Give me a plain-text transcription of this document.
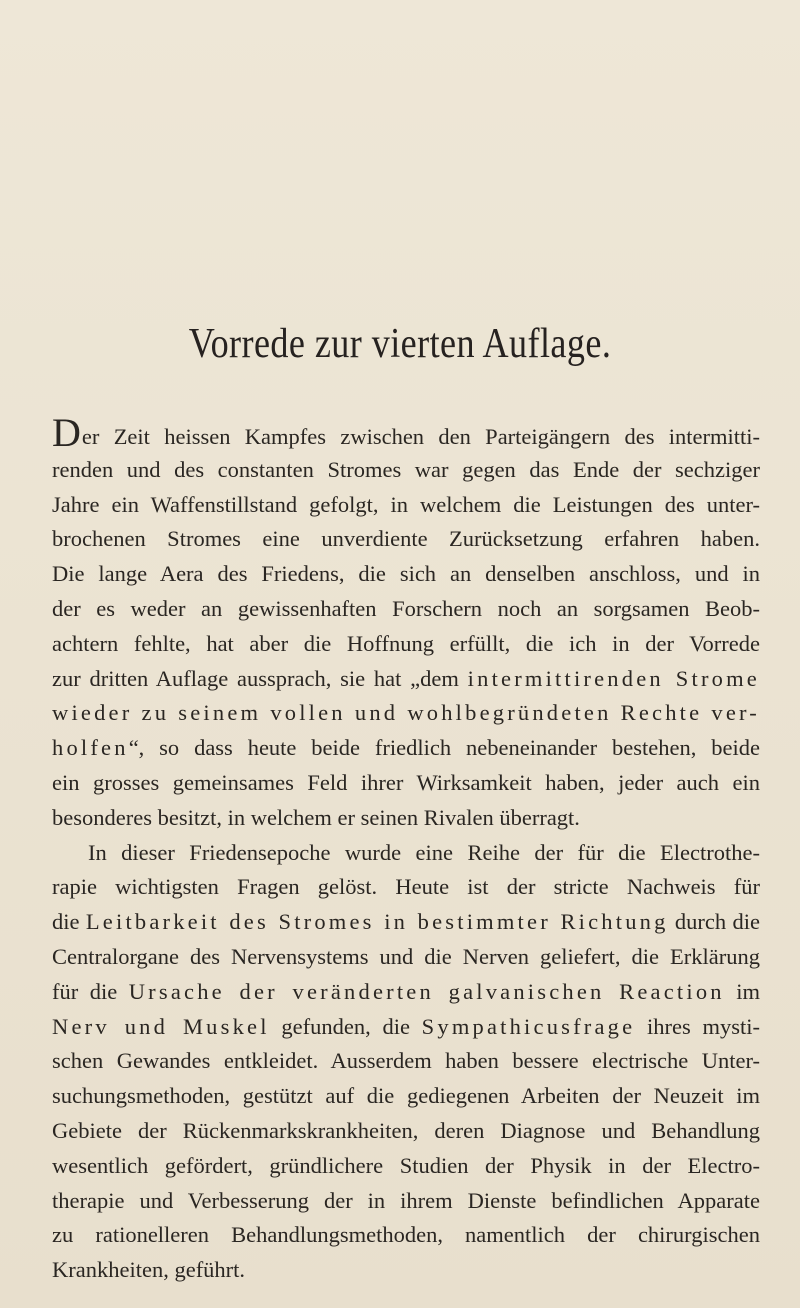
Vorrede zur vierten Auflage.
Der Zeit heissen Kampfes zwischen den Parteigängern des intermitti-
renden und des constanten Stromes war gegen das Ende der sechziger
Jahre ein Waffenstillstand gefolgt, in welchem die Leistungen des unter-
brochenen Stromes eine unverdiente Zurücksetzung erfahren haben.
Die lange Aera des Friedens, die sich an denselben anschloss, und in
der es weder an gewissenhaften Forschern noch an sorgsamen Beob-
achtern fehlte, hat aber die Hoffnung erfüllt, die ich in der Vorrede
zur dritten Auflage aussprach, sie hat „dem intermittirenden Strome
wieder zu seinem vollen und wohlbegründeten Rechte ver-
holfen“, so dass heute beide friedlich nebeneinander bestehen, beide
ein grosses gemeinsames Feld ihrer Wirksamkeit haben, jeder auch ein
besonderes besitzt, in welchem er seinen Rivalen überragt.
In dieser Friedensepoche wurde eine Reihe der für die Electrothe-
rapie wichtigsten Fragen gelöst. Heute ist der stricte Nachweis für
die Leitbarkeit des Stromes in bestimmter Richtung durch die
Centralorgane des Nervensystems und die Nerven geliefert, die Erklärung
für die Ursache der veränderten galvanischen Reaction im
Nerv und Muskel gefunden, die Sympathicusfrage ihres mysti-
schen Gewandes entkleidet. Ausserdem haben bessere electrische Unter-
suchungsmethoden, gestützt auf die gediegenen Arbeiten der Neuzeit im
Gebiete der Rückenmarkskrankheiten, deren Diagnose und Behandlung
wesentlich gefördert, gründlichere Studien der Physik in der Electro-
therapie und Verbesserung der in ihrem Dienste befindlichen Apparate
zu rationelleren Behandlungsmethoden, namentlich der chirurgischen
Krankheiten, geführt.
